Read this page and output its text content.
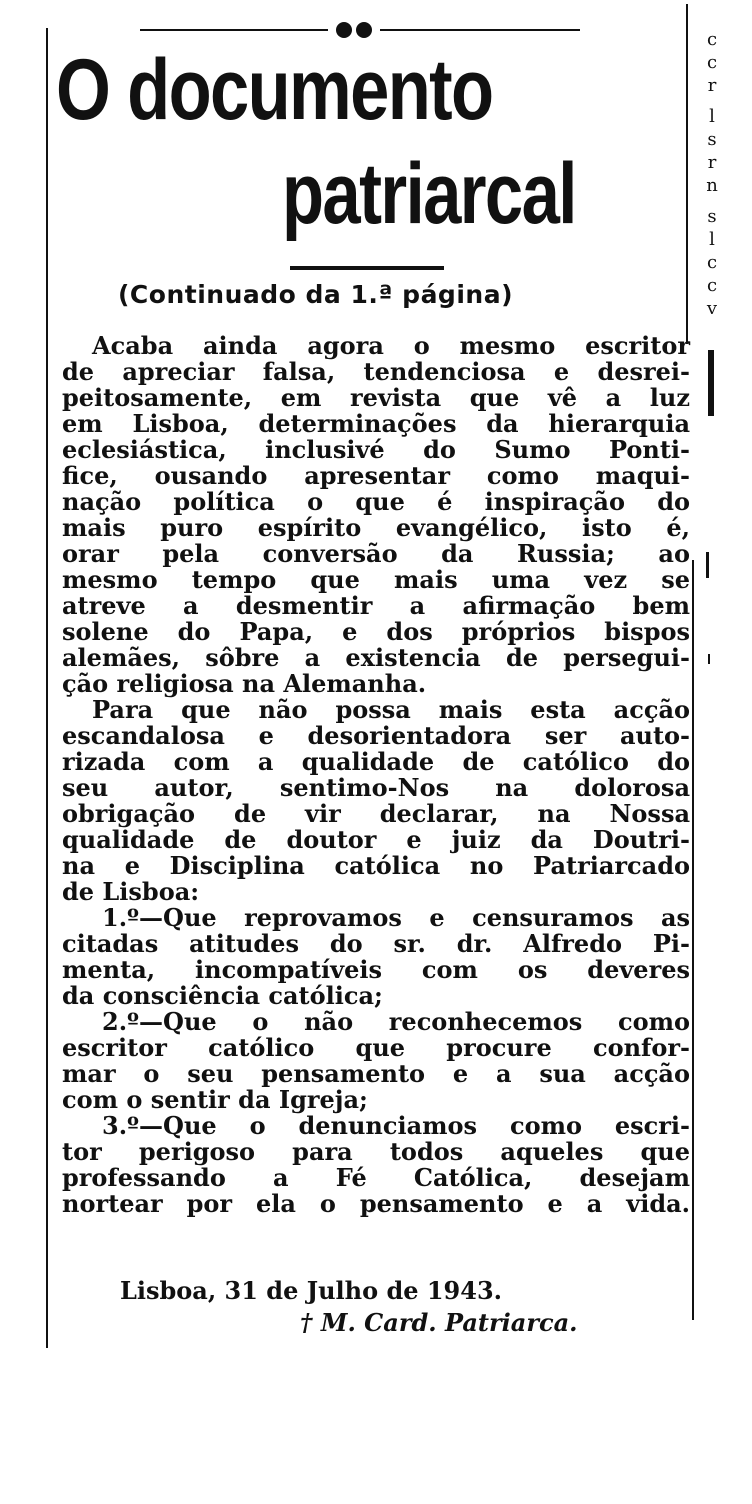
O documento
patriarcal
(Continuado da 1.ª página)
Acaba ainda agora o mesmo escritor
de apreciar falsa, tendenciosa e desrei-
peitosamente, em revista que vê a luz
em Lisboa, determinações da hierarquia
eclesiástica, inclusivé do Sumo Ponti-
fice, ousando apresentar como maqui-
nação política o que é inspiração do
mais puro espírito evangélico, isto é,
orar pela conversão da Russia; ao
mesmo tempo que mais uma vez se
atreve a desmentir a afirmação bem
solene do Papa, e dos próprios bispos
alemães, sôbre a existencia de persegui-
ção religiosa na Alemanha.
Para que não possa mais esta acção
escandalosa e desorientadora ser auto-
rizada com a qualidade de católico do
seu autor, sentimo-Nos na dolorosa
obrigação de vir declarar, na Nossa
qualidade de doutor e juiz da Doutri-
na e Disciplina católica no Patriarcado
de Lisboa:
1.º—Que reprovamos e censuramos as
citadas atitudes do sr. dr. Alfredo Pi-
menta, incompatíveis com os deveres
da consciência católica;
2.º—Que o não reconhecemos como
escritor católico que procure confor-
mar o seu pensamento e a sua acção
com o sentir da Igreja;
3.º—Que o denunciamos como escri-
tor perigoso para todos aqueles que
professando a Fé Católica, desejam
nortear por ela o pensamento e a vida.
Lisboa, 31 de Julho de 1943.
† M. Card. Patriarca.
c
c
r
l
s
r
n
s
l
c
c
v
